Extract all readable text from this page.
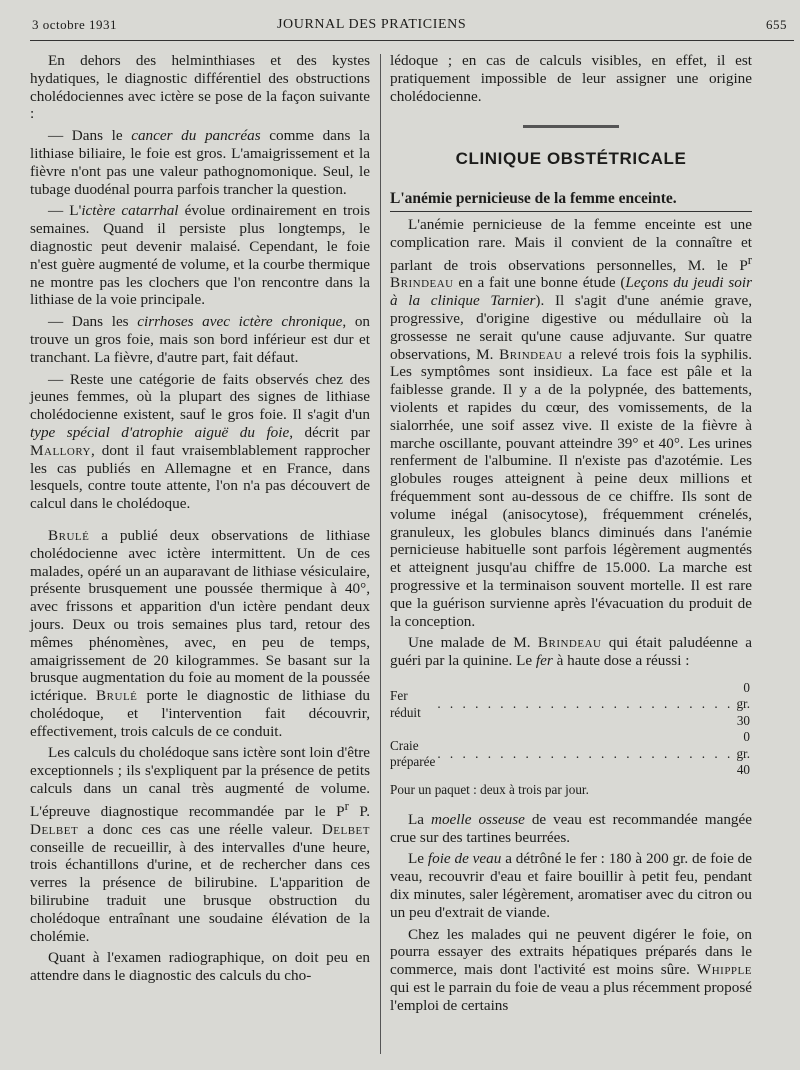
3 octobre 1931	JOURNAL DES PRATICIENS	655

En dehors des helminthiases et des kystes hydatiques, le diagnostic différentiel des obstructions cholédociennes avec ictère se pose de la façon suivante :

— Dans le cancer du pancréas comme dans la lithiase biliaire, le foie est gros. L'amaigrissement et la fièvre n'ont pas une valeur pathognomonique. Seul, le tubage duodénal pourra parfois trancher la question.

— L'ictère catarrhal évolue ordinairement en trois semaines. Quand il persiste plus longtemps, le diagnostic peut devenir malaisé. Cependant, le foie n'est guère augmenté de volume, et la courbe thermique ne montre pas les clochers que l'on rencontre dans la lithiase de la voie principale.

— Dans les cirrhoses avec ictère chronique, on trouve un gros foie, mais son bord inférieur est dur et tranchant. La fièvre, d'autre part, fait défaut.

— Reste une catégorie de faits observés chez des jeunes femmes, où la plupart des signes de lithiase cholédocienne existent, sauf le gros foie. Il s'agit d'un type spécial d'atrophie aiguë du foie, décrit par Mallory, dont il faut vraisemblablement rapprocher les cas publiés en Allemagne et en France, dans lesquels, contre toute attente, l'on n'a pas découvert de calcul dans le cholédoque.

Brulé a publié deux observations de lithiase cholédocienne avec ictère intermittent. Un de ces malades, opéré un an auparavant de lithiase vésiculaire, présente brusquement une poussée thermique à 40°, avec frissons et apparition d'un ictère pendant deux jours. Deux ou trois semaines plus tard, retour des mêmes phénomènes, avec, en peu de temps, amaigrissement de 20 kilogrammes. Se basant sur la brusque augmentation du foie au moment de la poussée ictérique. Brulé porte le diagnostic de lithiase du cholédoque, et l'intervention fait découvrir, effectivement, trois calculs de ce conduit.

Les calculs du cholédoque sans ictère sont loin d'être exceptionnels ; ils s'expliquent par la présence de petits calculs dans un canal très augmenté de volume. L'épreuve diagnostique recommandée par le $P^r$ P. Delbet a donc ces cas une réelle valeur. Delbet conseille de recueillir, à des intervalles d'une heure, trois échantillons d'urine, et de rechercher dans ces verres la présence de bilirubine. L'apparition de bilirubine traduit une brusque obstruction du cholédoque entraînant une soudaine élévation de la cholémie.

Quant à l'examen radiographique, on doit peu en attendre dans le diagnostic des calculs du cho-

lédoque ; en cas de calculs visibles, en effet, il est pratiquement impossible de leur assigner une origine cholédocienne.

CLINIQUE OBSTÉTRICALE
L'anémie pernicieuse de la femme enceinte.

L'anémie pernicieuse de la femme enceinte est une complication rare. Mais il convient de la connaître et parlant de trois observations personnelles, M. le $P^r$ Brindeau en a fait une bonne étude (Leçons du jeudi soir à la clinique Tarnier). Il s'agit d'une anémie grave, progressive, d'origine digestive ou médullaire où la grossesse ne serait qu'une cause adjuvante. Sur quatre observations, M. Brindeau a relevé trois fois la syphilis. Les symptômes sont insidieux. La face est pâle et la faiblesse grande. Il y a de la polypnée, des battements, violents et rapides du cœur, des vomissements, de la sialorrhée, une soif assez vive. Il existe de la fièvre à marche oscillante, pouvant atteindre 39° et 40°. Les urines renferment de l'albumine. Il n'existe pas d'azotémie. Les globules rouges atteignent à peine deux millions et fréquemment sont au-dessous de ce chiffre. Ils sont de volume inégal (anisocytose), fréquemment crénelés, granuleux, les globules blancs diminués dans l'anémie pernicieuse habituelle sont parfois légèrement augmentés et atteignent jusqu'au chiffre de 15.000. La marche est progressive et la terminaison souvent mortelle. Il est rare que la guérison survienne après l'évacuation du produit de la conception.

Une malade de M. Brindeau qui était paludéenne a guéri par la quinine. Le fer à haute dose a réussi :

Fer réduit	. . . . . . . . . . . . . . . . . . . . . . . .	0 gr. 30
Craie préparée	. . . . . . . . . . . . . . . . . . . . . . . .	0 gr. 40

Pour un paquet : deux à trois par jour.

La moelle osseuse de veau est recommandée mangée crue sur des tartines beurrées.

Le foie de veau a détrôné le fer : 180 à 200 gr. de foie de veau, recouvrir d'eau et faire bouillir à petit feu, pendant dix minutes, saler légèrement, aromatiser avec du citron ou un peu d'extrait de viande.

Chez les malades qui ne peuvent digérer le foie, on pourra essayer des extraits hépatiques préparés dans le commerce, mais dont l'activité est moins sûre. Whipple qui est le parrain du foie de veau a plus récemment proposé l'emploi de certains
